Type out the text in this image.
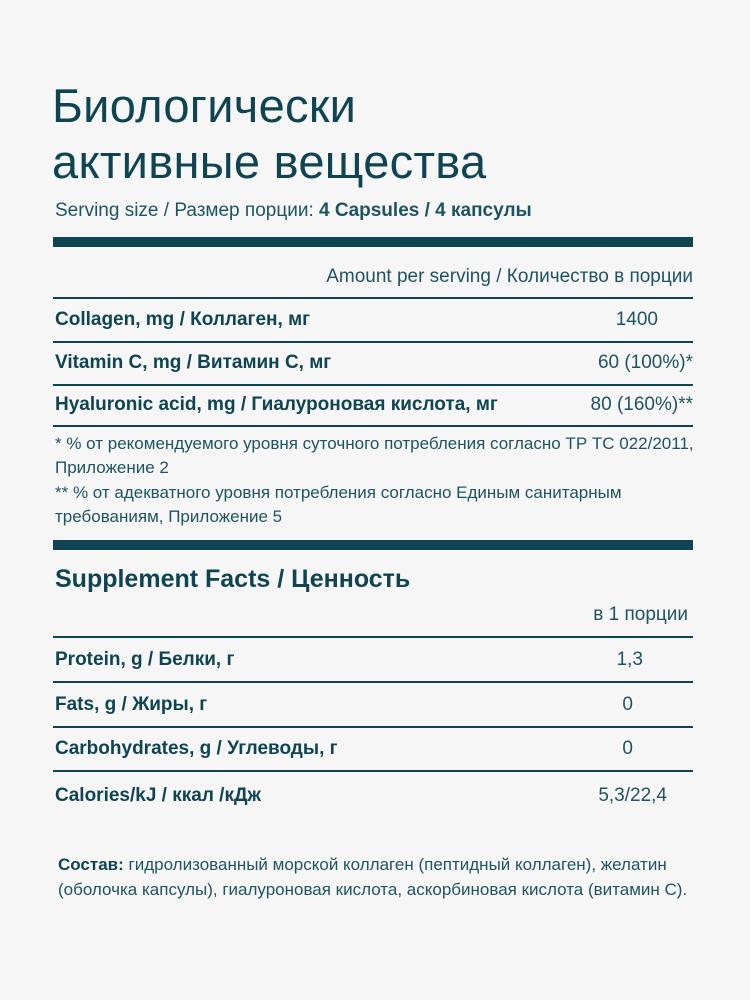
Биологически
активные вещества
Serving size / Размер порции: 4 Capsules / 4 капсулы
Amount per serving / Количество в порции
Collagen, mg / Коллаген, мг	1400
Vitamin C, mg / Витамин С, мг	60 (100%)*
Hyaluronic acid, mg / Гиалуроновая кислота, мг	80 (160%)**
* % от рекомендуемого уровня суточного потребления согласно ТР ТС 022/2011, Приложение 2
** % от адекватного уровня потребления согласно Единым санитарным требованиям, Приложение 5
Supplement Facts / Ценность
в 1 порции
Protein, g / Белки, г	1,3
Fats, g / Жиры, г	0
Carbohydrates, g / Углеводы, г	0
Calories/kJ / ккал /кДж	5,3/22,4
Состав: гидролизованный морской коллаген (пептидный коллаген), желатин (оболочка капсулы), гиалуроновая кислота, аскорбиновая кислота (витамин С).
